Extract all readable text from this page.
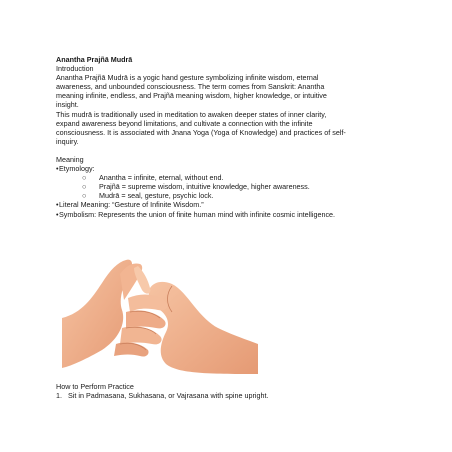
Anantha Prajñā Mudrā

Introduction

Anantha Prajñā Mudrā is a yogic hand gesture symbolizing infinite wisdom, eternal

awareness, and unbounded consciousness. The term comes from Sanskrit: Anantha

meaning infinite, endless, and Prajñā meaning wisdom, higher knowledge, or intuitive

insight.

This mudrā is traditionally used in meditation to awaken deeper states of inner clarity,

expand awareness beyond limitations, and cultivate a connection with the infinite

consciousness. It is associated with Jnana Yoga (Yoga of Knowledge) and practices of self-

inquiry.

Meaning

•Etymology:

○ Anantha = infinite, eternal, without end.

○ Prajñā = supreme wisdom, intuitive knowledge, higher awareness.

○ Mudrā = seal, gesture, psychic lock.

•Literal Meaning: “Gesture of Infinite Wisdom.”

•Symbolism: Represents the union of finite human mind with infinite cosmic intelligence.

How to Perform Practice

1. Sit in Padmasana, Sukhasana, or Vajrasana with spine upright.
